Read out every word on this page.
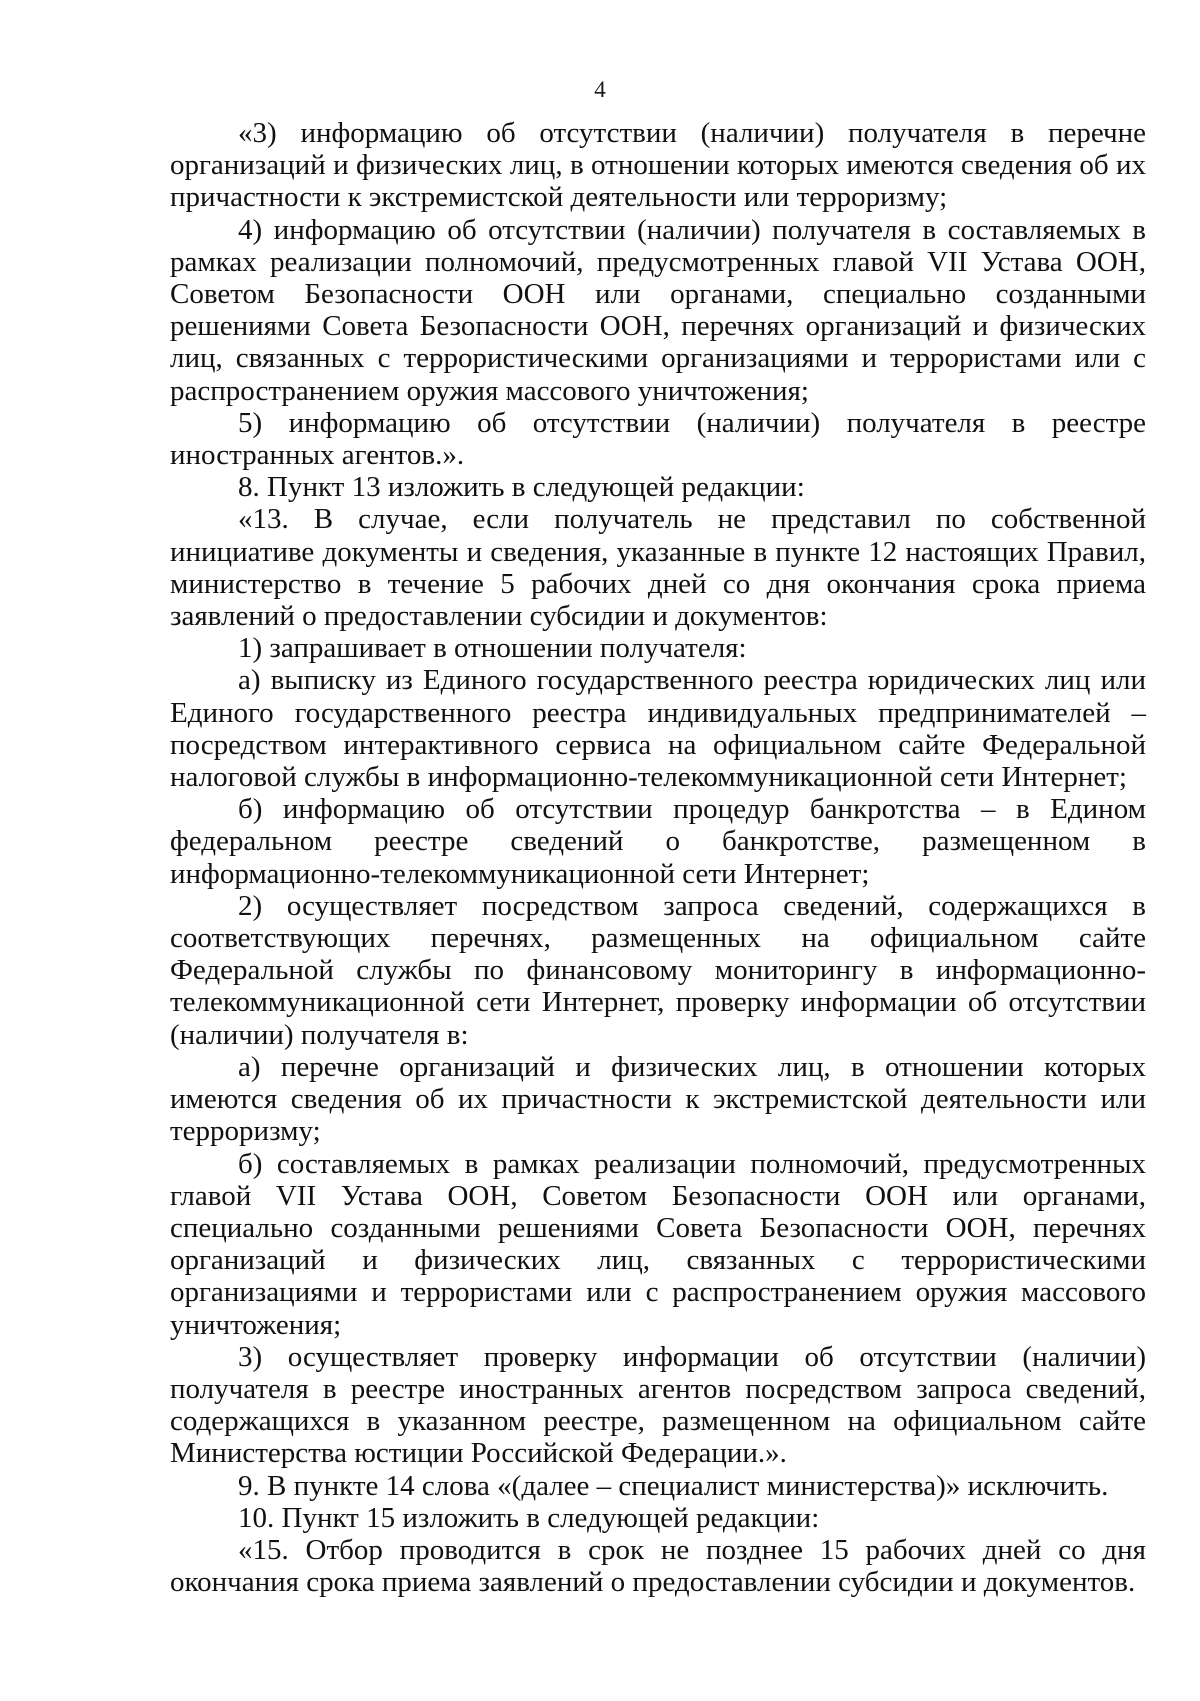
4

«3) информацию об отсутствии (наличии) получателя в перечне организаций и физических лиц, в отношении которых имеются сведения об их причастности к экстремистской деятельности или терроризму;

4) информацию об отсутствии (наличии) получателя в составляемых в рамках реализации полномочий, предусмотренных главой VII Устава ООН, Советом Безопасности ООН или органами, специально созданными решениями Совета Безопасности ООН, перечнях организаций и физических лиц, связанных с террористическими организациями и террористами или с распространением оружия массового уничтожения;

5) информацию об отсутствии (наличии) получателя в реестре иностранных агентов.».

8. Пункт 13 изложить в следующей редакции:

«13. В случае, если получатель не представил по собственной инициативе документы и сведения, указанные в пункте 12 настоящих Правил, министерство в течение 5 рабочих дней со дня окончания срока приема заявлений о предоставлении субсидии и документов:

1) запрашивает в отношении получателя:

а) выписку из Единого государственного реестра юридических лиц или Единого государственного реестра индивидуальных предпринимателей – посредством интерактивного сервиса на официальном сайте Федеральной налоговой службы в информационно-телекоммуникационной сети Интернет;

б) информацию об отсутствии процедур банкротства – в Едином федеральном реестре сведений о банкротстве, размещенном в информационно-телекоммуникационной сети Интернет;

2) осуществляет посредством запроса сведений, содержащихся в соответствующих перечнях, размещенных на официальном сайте Федеральной службы по финансовому мониторингу в информационно-телекоммуникационной сети Интернет, проверку информации об отсутствии (наличии) получателя в:

а) перечне организаций и физических лиц, в отношении которых имеются сведения об их причастности к экстремистской деятельности или терроризму;

б) составляемых в рамках реализации полномочий, предусмотренных главой VII Устава ООН, Советом Безопасности ООН или органами, специально созданными решениями Совета Безопасности ООН, перечнях организаций и физических лиц, связанных с террористическими организациями и террористами или с распространением оружия массового уничтожения;

3) осуществляет проверку информации об отсутствии (наличии) получателя в реестре иностранных агентов посредством запроса сведений, содержащихся в указанном реестре, размещенном на официальном сайте Министерства юстиции Российской Федерации.».

9. В пункте 14 слова «(далее – специалист министерства)» исключить.

10. Пункт 15 изложить в следующей редакции:

«15. Отбор проводится в срок не позднее 15 рабочих дней со дня окончания срока приема заявлений о предоставлении субсидии и документов.
